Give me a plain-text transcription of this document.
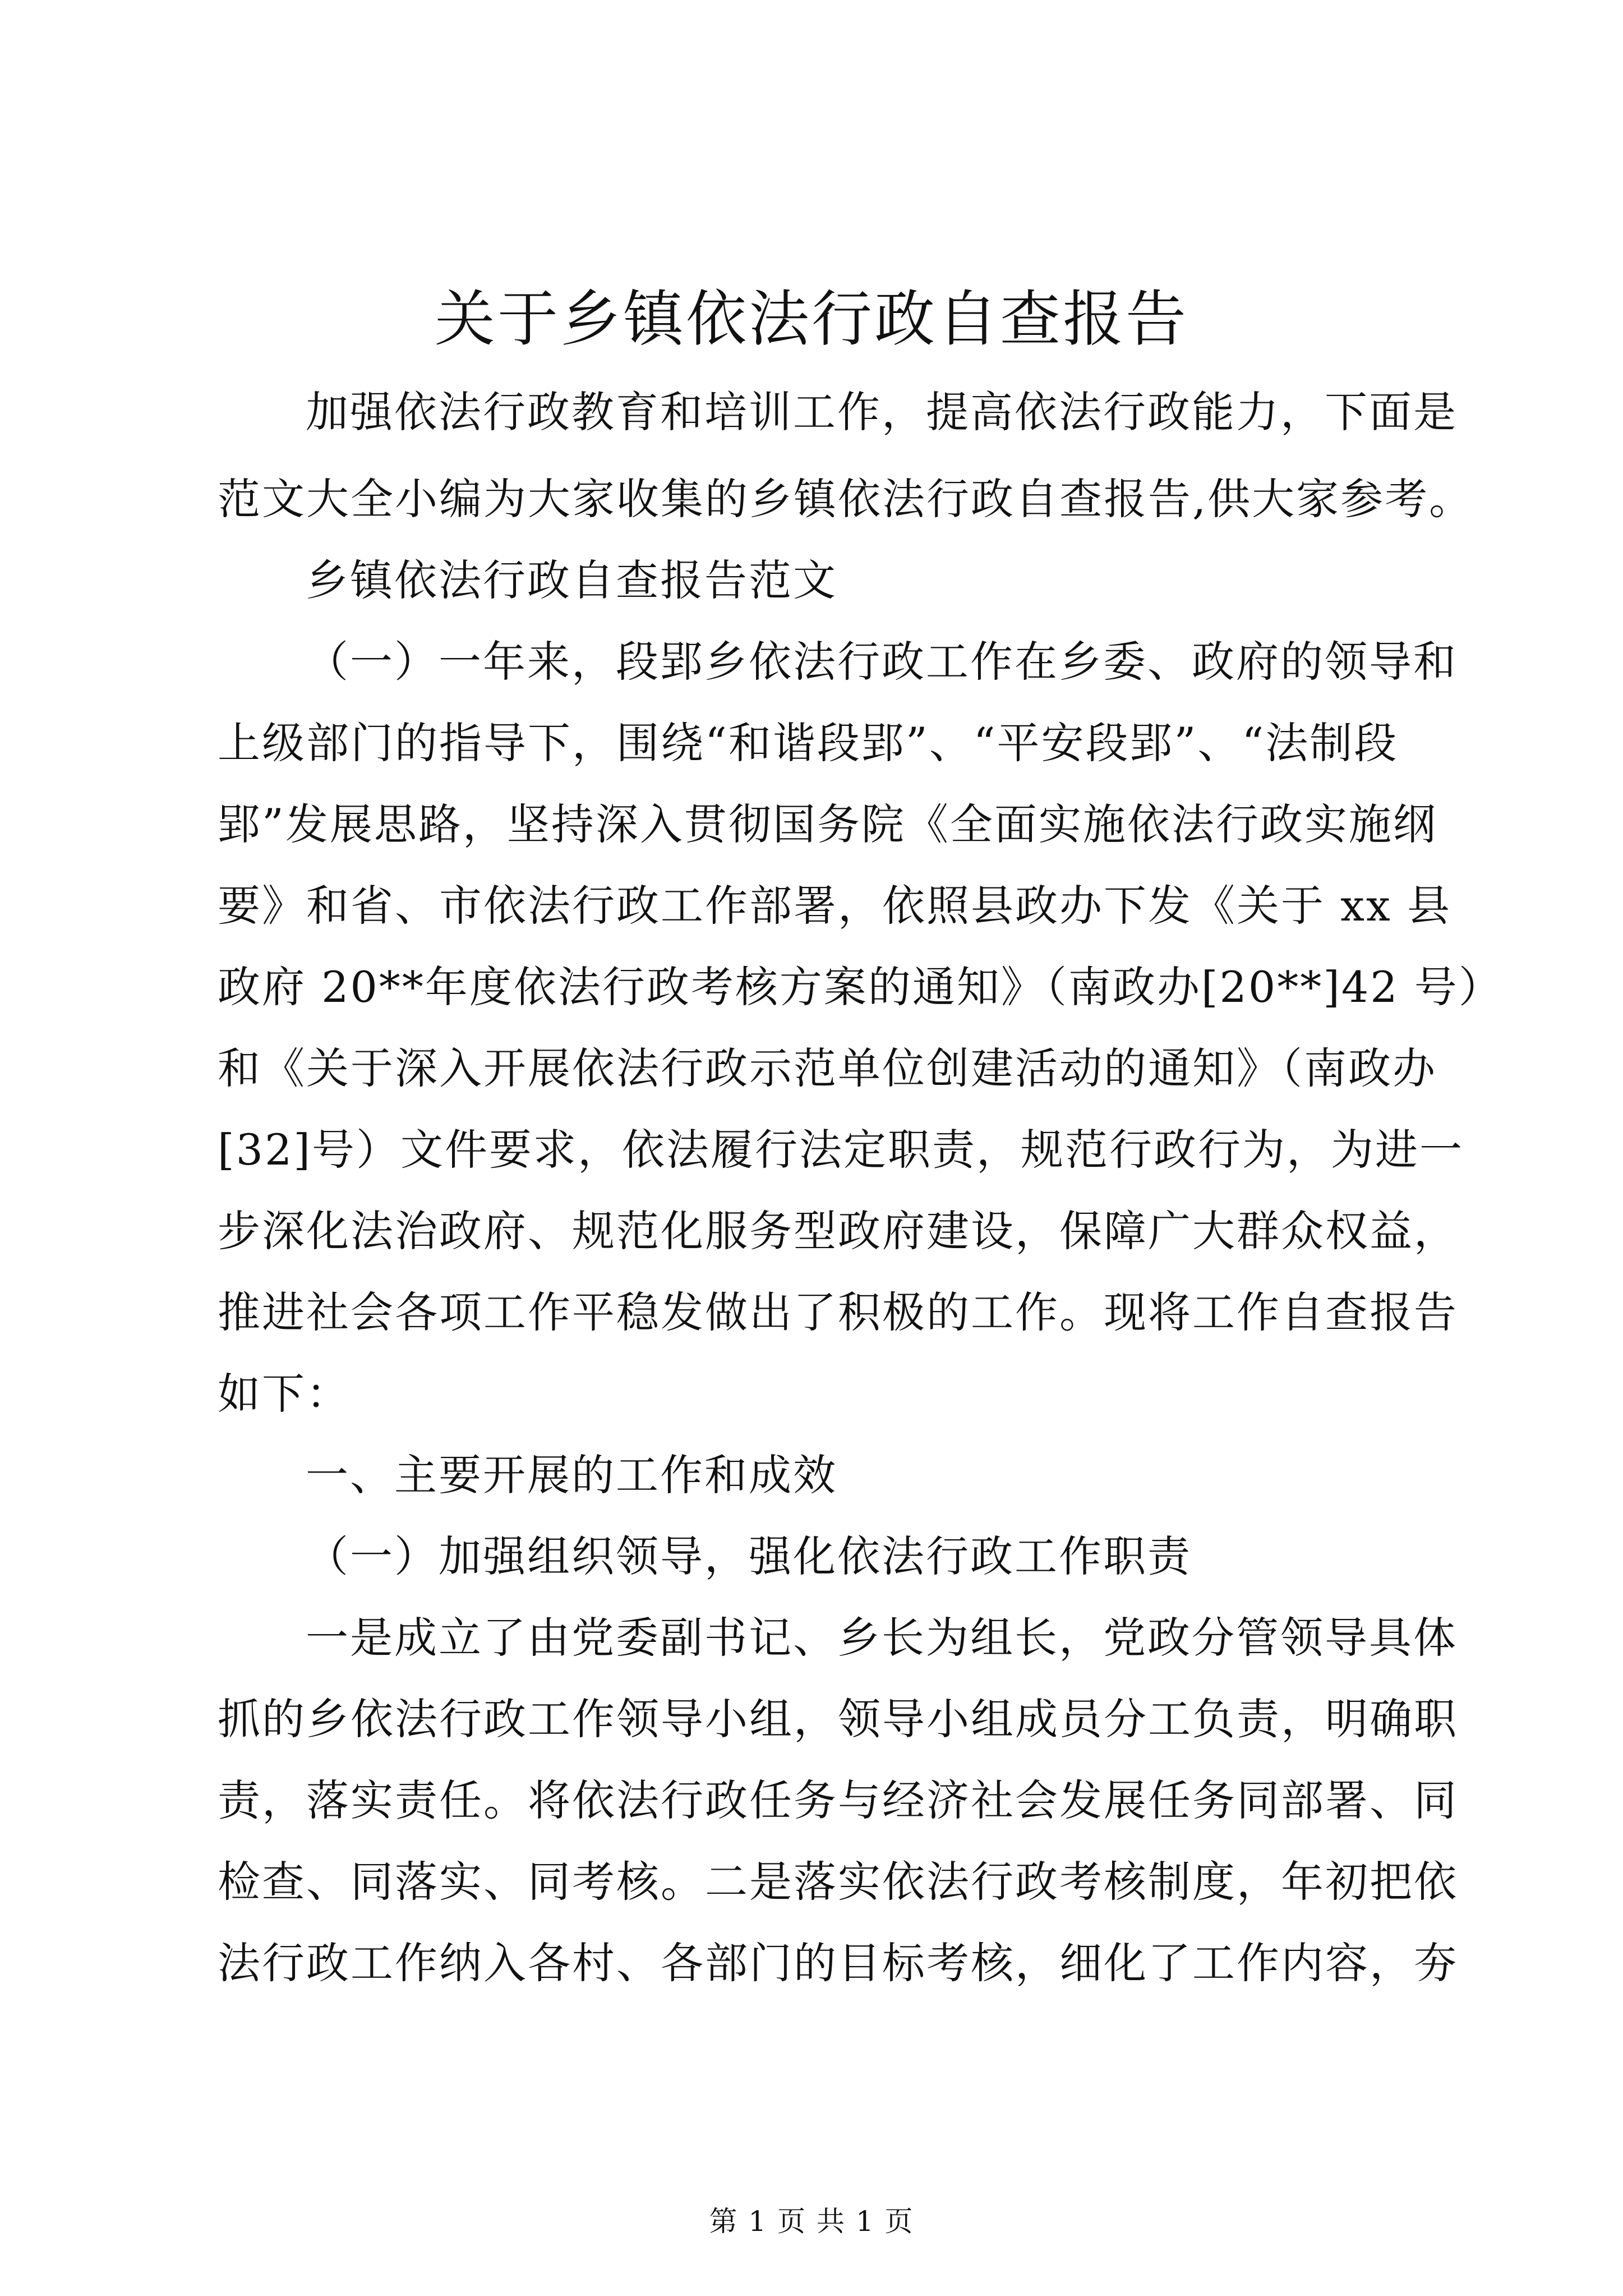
关于乡镇依法行政自查报告

加强依法行政教育和培训工作，提高依法行政能力，下面是

范文大全小编为大家收集的乡镇依法行政自查报告,供大家参考。

乡镇依法行政自查报告范文

（一）一年来，段郢乡依法行政工作在乡委、政府的领导和

上级部门的指导下，围绕“和谐段郢”、“平安段郢”、“法制段

郢”发展思路，坚持深入贯彻国务院《全面实施依法行政实施纲

要》和省、市依法行政工作部署，依照县政办下发《关于 xx 县

政府 20**年度依法行政考核方案的通知》（南政办[20**]42 号）

和《关于深入开展依法行政示范单位创建活动的通知》（南政办

[32]号）文件要求，依法履行法定职责，规范行政行为，为进一

步深化法治政府、规范化服务型政府建设，保障广大群众权益，

推进社会各项工作平稳发做出了积极的工作。现将工作自查报告

如下：

一、主要开展的工作和成效

（一）加强组织领导，强化依法行政工作职责

一是成立了由党委副书记、乡长为组长，党政分管领导具体

抓的乡依法行政工作领导小组，领导小组成员分工负责，明确职

责，落实责任。将依法行政任务与经济社会发展任务同部署、同

检查、同落实、同考核。二是落实依法行政考核制度，年初把依

法行政工作纳入各村、各部门的目标考核，细化了工作内容，夯

第 1 页 共 1 页
